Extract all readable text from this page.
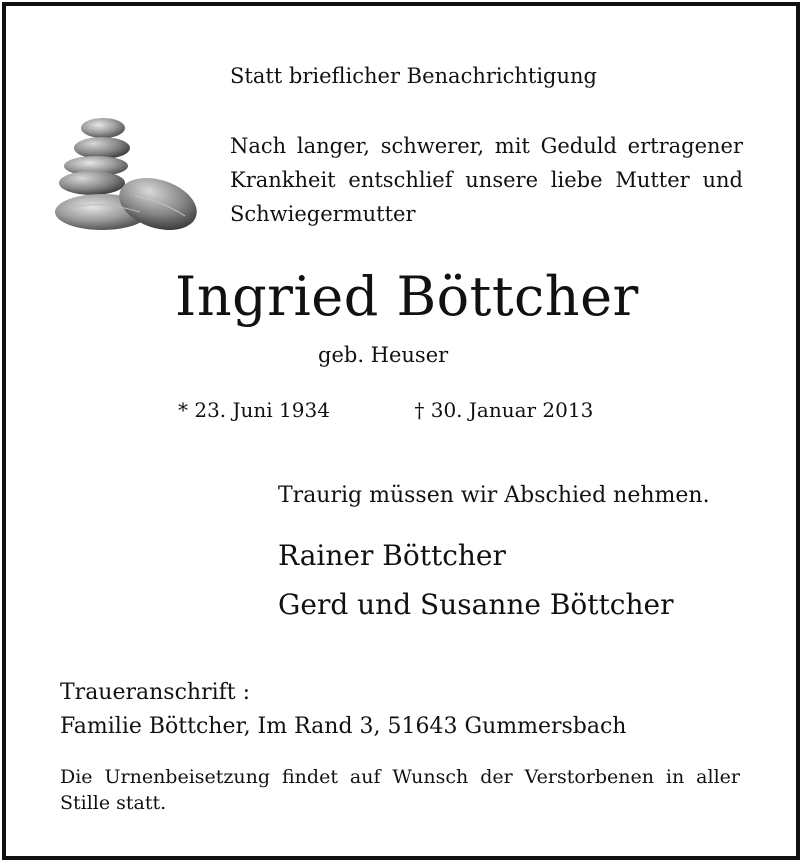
Statt brieflicher Benachrichtigung

Nach langer, schwerer, mit Geduld ertragener Krankheit entschlief unsere liebe Mutter und Schwiegermutter

Ingried Böttcher

geb. Heuser

* 23. Juni 1934	† 30. Januar 2013

Traurig müssen wir Abschied nehmen.

Rainer Böttcher

Gerd und Susanne Böttcher

Traueranschrift :

Familie Böttcher, Im Rand 3, 51643 Gummersbach

Die Urnenbeisetzung findet auf Wunsch der Verstorbenen in aller Stille statt.
